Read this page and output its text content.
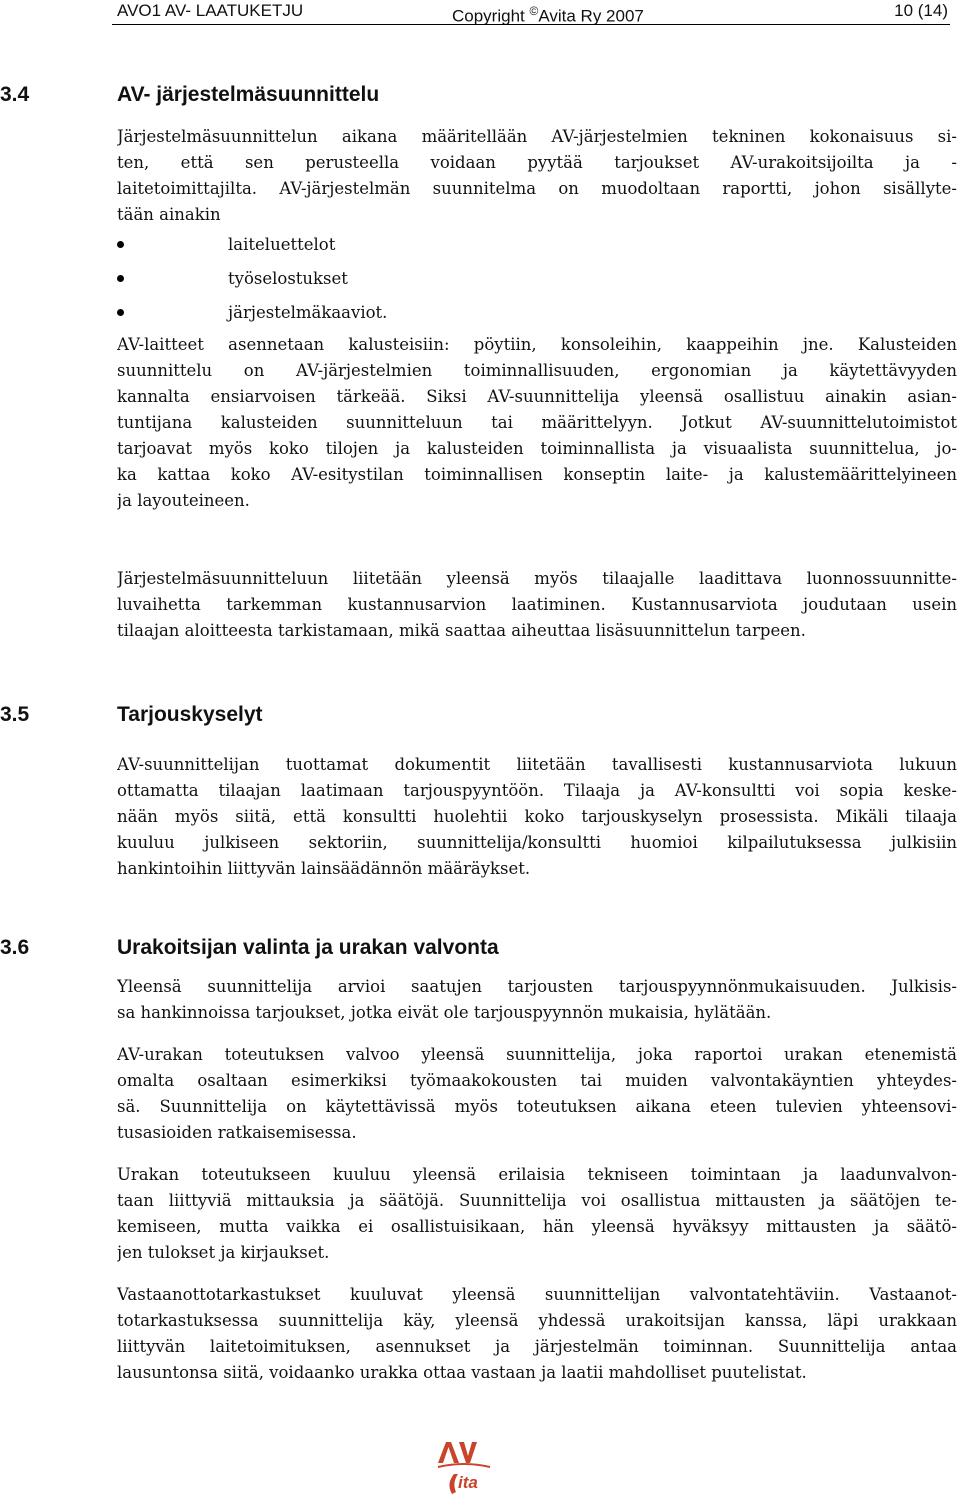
AVO1 AV- LAATUKETJU	Copyright ©Avita Ry 2007	10 (14)
3.4	AV- järjestelmäsuunnittelu
Järjestelmäsuunnittelun aikana määritellään AV-järjestelmien tekninen kokonaisuus si-
ten, että sen perusteella voidaan pyytää tarjoukset AV-urakoitsijoilta ja -
laitetoimittajilta. AV-järjestelmän suunnitelma on muodoltaan raportti, johon sisällyte-
tään ainakin
laiteluettelot
työselostukset
järjestelmäkaaviot.
AV-laitteet asennetaan kalusteisiin: pöytiin, konsoleihin, kaappeihin jne. Kalusteiden
suunnittelu on AV-järjestelmien toiminnallisuuden, ergonomian ja käytettävyyden
kannalta ensiarvoisen tärkeää. Siksi AV-suunnittelija yleensä osallistuu ainakin asian-
tuntijana kalusteiden suunnitteluun tai määrittelyyn. Jotkut AV-suunnittelutoimistot
tarjoavat myös koko tilojen ja kalusteiden toiminnallista ja visuaalista suunnittelua, jo-
ka kattaa koko AV-esitystilan toiminnallisen konseptin laite- ja kalustemäärittelyineen
ja layouteineen.
Järjestelmäsuunnitteluun liitetään yleensä myös tilaajalle laadittava luonnossuunnitte-
luvaihetta tarkemman kustannusarvion laatiminen. Kustannusarviota joudutaan usein
tilaajan aloitteesta tarkistamaan, mikä saattaa aiheuttaa lisäsuunnittelun tarpeen.
3.5	Tarjouskyselyt
AV-suunnittelijan tuottamat dokumentit liitetään tavallisesti kustannusarviota lukuun
ottamatta tilaajan laatimaan tarjouspyyntöön. Tilaaja ja AV-konsultti voi sopia keske-
nään myös siitä, että konsultti huolehtii koko tarjouskyselyn prosessista. Mikäli tilaaja
kuuluu julkiseen sektoriin, suunnittelija/konsultti huomioi kilpailutuksessa julkisiin
hankintoihin liittyvän lainsäädännön määräykset.
3.6	Urakoitsijan valinta ja urakan valvonta
Yleensä suunnittelija arvioi saatujen tarjousten tarjouspyynnönmukaisuuden. Julkisis-
sa hankinnoissa tarjoukset, jotka eivät ole tarjouspyynnön mukaisia, hylätään.
AV-urakan toteutuksen valvoo yleensä suunnittelija, joka raportoi urakan etenemistä
omalta osaltaan esimerkiksi työmaakokousten tai muiden valvontakäyntien yhteydes-
sä. Suunnittelija on käytettävissä myös toteutuksen aikana eteen tulevien yhteensovi-
tusasioiden ratkaisemisessa.
Urakan toteutukseen kuuluu yleensä erilaisia tekniseen toimintaan ja laadunvalvon-
taan liittyviä mittauksia ja säätöjä. Suunnittelija voi osallistua mittausten ja säätöjen te-
kemiseen, mutta vaikka ei osallistuisikaan, hän yleensä hyväksyy mittausten ja säätö-
jen tulokset ja kirjaukset.
Vastaanottotarkastukset kuuluvat yleensä suunnittelijan valvontatehtäviin. Vastaanot-
totarkastuksessa suunnittelija käy, yleensä yhdessä urakoitsijan kanssa, läpi urakkaan
liittyvän laitetoimituksen, asennukset ja järjestelmän toiminnan. Suunnittelija antaa
lausuntonsa siitä, voidaanko urakka ottaa vastaan ja laatii mahdolliset puutelistat.
ita
